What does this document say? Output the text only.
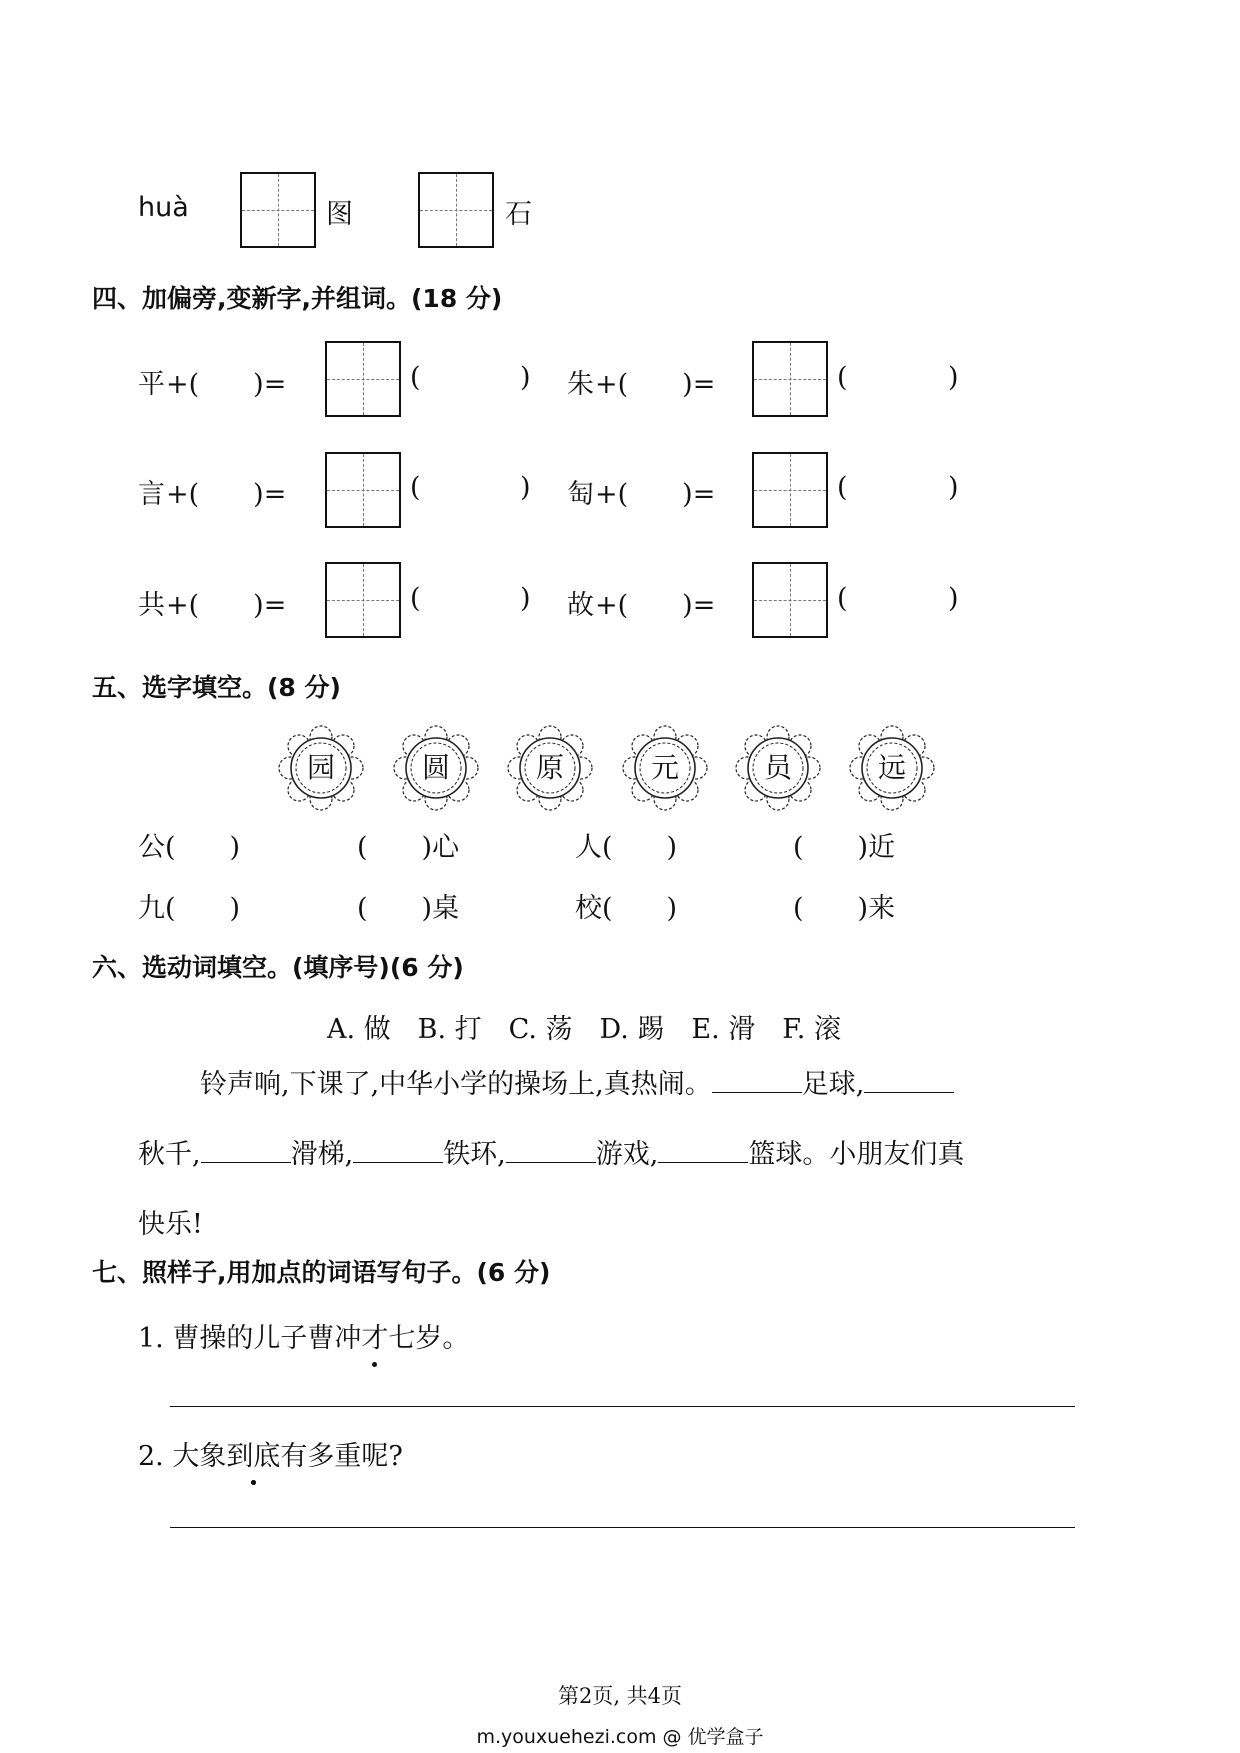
huà	图	石
四、加偏旁,变新字,并组词。(18 分)
平 +(　　)=	(	) 朱 +(　　)=	(	)
言 +(　　)=	(	) 匋 +(　　)=	(	)
共 +(　　)=	(	) 故 +(　　)=	(	)
五、选字填空。(8 分)
园	圆	原	元	员	远
公(　　)	(　　)心	人(　　)	(　　)近
九(　　)	(　　)桌	校(　　)	(　　)来
六、选动词填空。(填序号)(6 分)
A. 做　B. 打　C. 荡　D. 踢　E. 滑　F. 滚
铃声响,下课了,中华小学的操场上,真热闹。	足球,
秋千,	滑梯,	铁环,	游戏,	篮球。小朋友们真
快乐!
七、照样子,用加点的词语写句子。(6 分)
1. 曹操的儿子曹冲才七岁。
2. 大象到底有多重呢?
第2页, 共4页
m.youxuehezi.com @ 优学盒子
